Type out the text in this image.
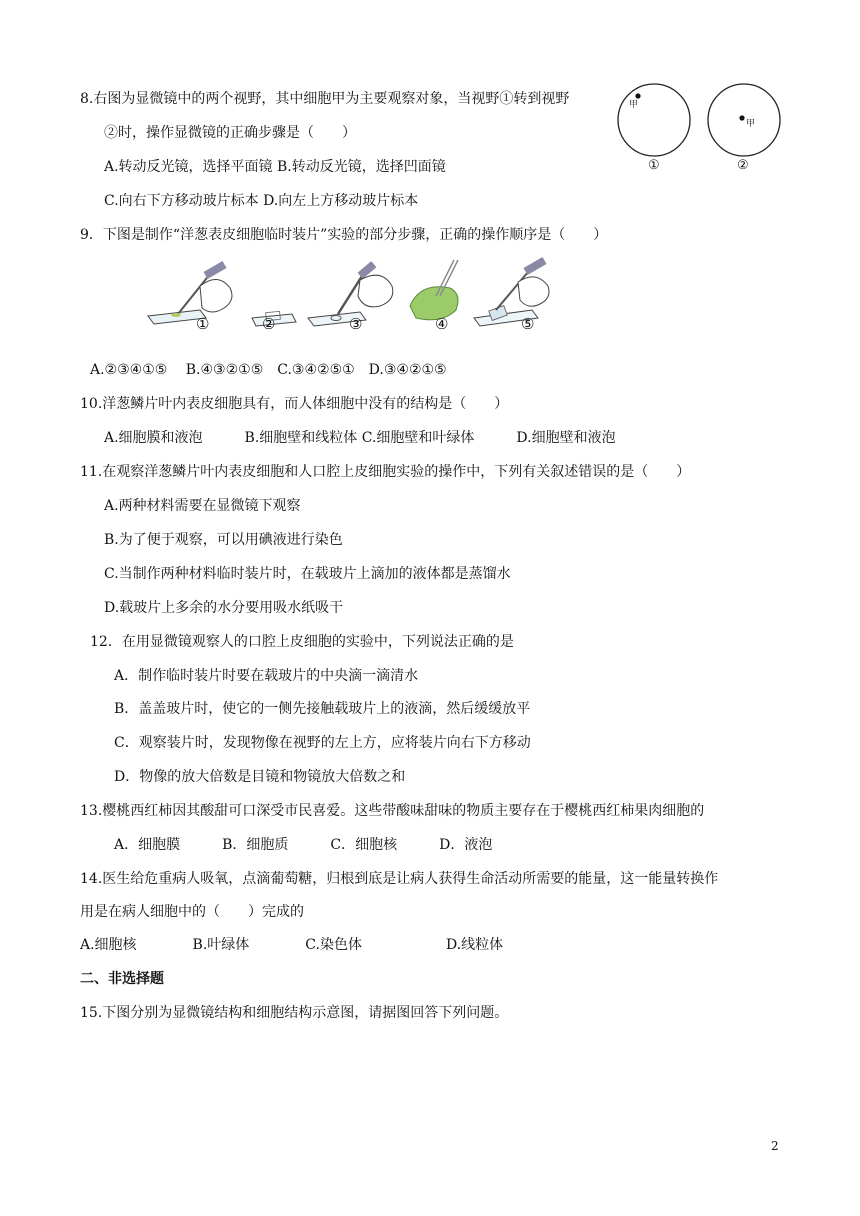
8.右图为显微镜中的两个视野，其中细胞甲为主要观察对象，当视野①转到视野
②时，操作显微镜的正确步骤是（　　）
A.转动反光镜，选择平面镜 B.转动反光镜，选择凹面镜
C.向右下方移动玻片标本 D.向左上方移动玻片标本
甲
甲
①	②
9．下图是制作“洋葱表皮细胞临时装片”实验的部分步骤，正确的操作顺序是（　　）
①	②	③	④	⑤
A.②③④①⑤　 B.④③②①⑤　C.③④②⑤①　D.③④②①⑤
10.洋葱鳞片叶内表皮细胞具有，而人体细胞中没有的结构是（　　）
A.细胞膜和液泡　　　B.细胞壁和线粒体 C.细胞壁和叶绿体　　　D.细胞壁和液泡
11.在观察洋葱鳞片叶内表皮细胞和人口腔上皮细胞实验的操作中，下列有关叙述错误的是（　　）
A.两种材料需要在显微镜下观察
B.为了便于观察，可以用碘液进行染色
C.当制作两种材料临时装片时，在载玻片上滴加的液体都是蒸馏水
D.载玻片上多余的水分要用吸水纸吸干
12．在用显微镜观察人的口腔上皮细胞的实验中，下列说法正确的是
A．制作临时装片时要在载玻片的中央滴一滴清水
B．盖盖玻片时，使它的一侧先接触载玻片上的液滴，然后缓缓放平
C．观察装片时，发现物像在视野的左上方，应将装片向右下方移动
D．物像的放大倍数是目镜和物镜放大倍数之和
13.樱桃西红柿因其酸甜可口深受市民喜爱。这些带酸味甜味的物质主要存在于樱桃西红柿果肉细胞的
A．细胞膜　　　B．细胞质　　　C．细胞核　　　D．液泡
14.医生给危重病人吸氧，点滴葡萄糖，归根到底是让病人获得生命活动所需要的能量，这一能量转换作
用是在病人细胞中的（　　）完成的
A.细胞核　　　　B.叶绿体　　　　C.染色体　　　　　　D.线粒体
二、非选择题
15.下图分别为显微镜结构和细胞结构示意图，请据图回答下列问题。
2
